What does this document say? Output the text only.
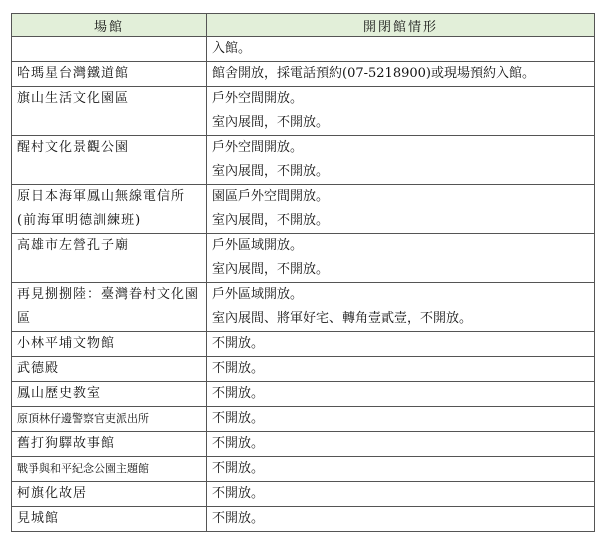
場館	開閉館情形

	入館。

哈瑪星台灣鐵道館	館舍開放，採電話預約(07-5218900)或現場預約入館。

旗山生活文化園區	戶外空間開放。
室內展間，不開放。

醒村文化景觀公園	戶外空間開放。
室內展間，不開放。

原日本海軍鳳山無線電信所(前海軍明德訓練班)	園區戶外空間開放。
室內展間，不開放。

高雄市左營孔子廟	戶外區域開放。
室內展間，不開放。

再見捌捌陸：臺灣眷村文化園區	戶外區域開放。
室內展間、將軍好宅、轉角壹貳壹，不開放。

小林平埔文物館	不開放。

武德殿	不開放。

鳳山歷史教室	不開放。

原頂林仔邊警察官吏派出所	不開放。

舊打狗驛故事館	不開放。

戰爭與和平紀念公園主題館	不開放。

柯旗化故居	不開放。

見城館	不開放。
